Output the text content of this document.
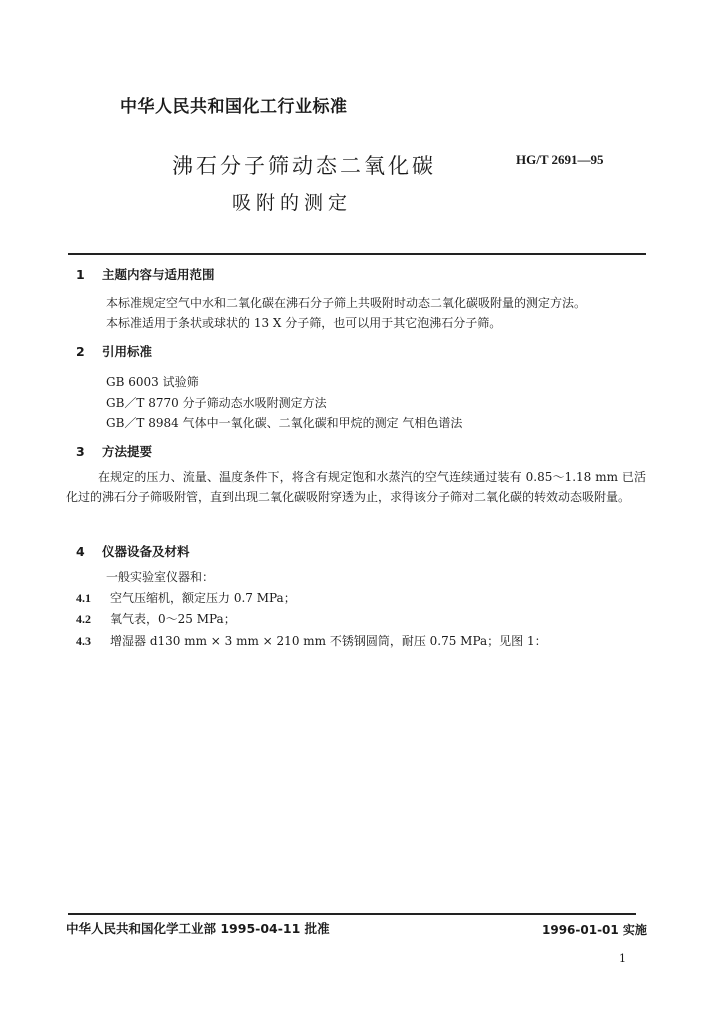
中华人民共和国化工行业标准
沸石分子筛动态二氧化碳
吸附的测定
HG/T 2691—95
1 主题内容与适用范围
本标准规定空气中水和二氧化碳在沸石分子筛上共吸附时动态二氧化碳吸附量的测定方法。
本标准适用于条状或球状的 13 X 分子筛，也可以用于其它泡沸石分子筛。
2 引用标准
GB 6003 试验筛
GB／T 8770 分子筛动态水吸附测定方法
GB／T 8984 气体中一氧化碳、二氧化碳和甲烷的测定 气相色谱法
3 方法提要
在规定的压力、流量、温度条件下，将含有规定饱和水蒸汽的空气连续通过装有 0.85～1.18 mm 已活化过的沸石分子筛吸附管，直到出现二氧化碳吸附穿透为止，求得该分子筛对二氧化碳的转效动态吸附量。
4 仪器设备及材料
一般实验室仪器和：
4.1 空气压缩机，额定压力 0.7 MPa；
4.2 氧气表，0～25 MPa；
4.3 增湿器 d130 mm × 3 mm × 210 mm 不锈钢圆筒，耐压 0.75 MPa；见图 1：
中华人民共和国化学工业部 1995-04-11 批准	1996-01-01 实施
1
